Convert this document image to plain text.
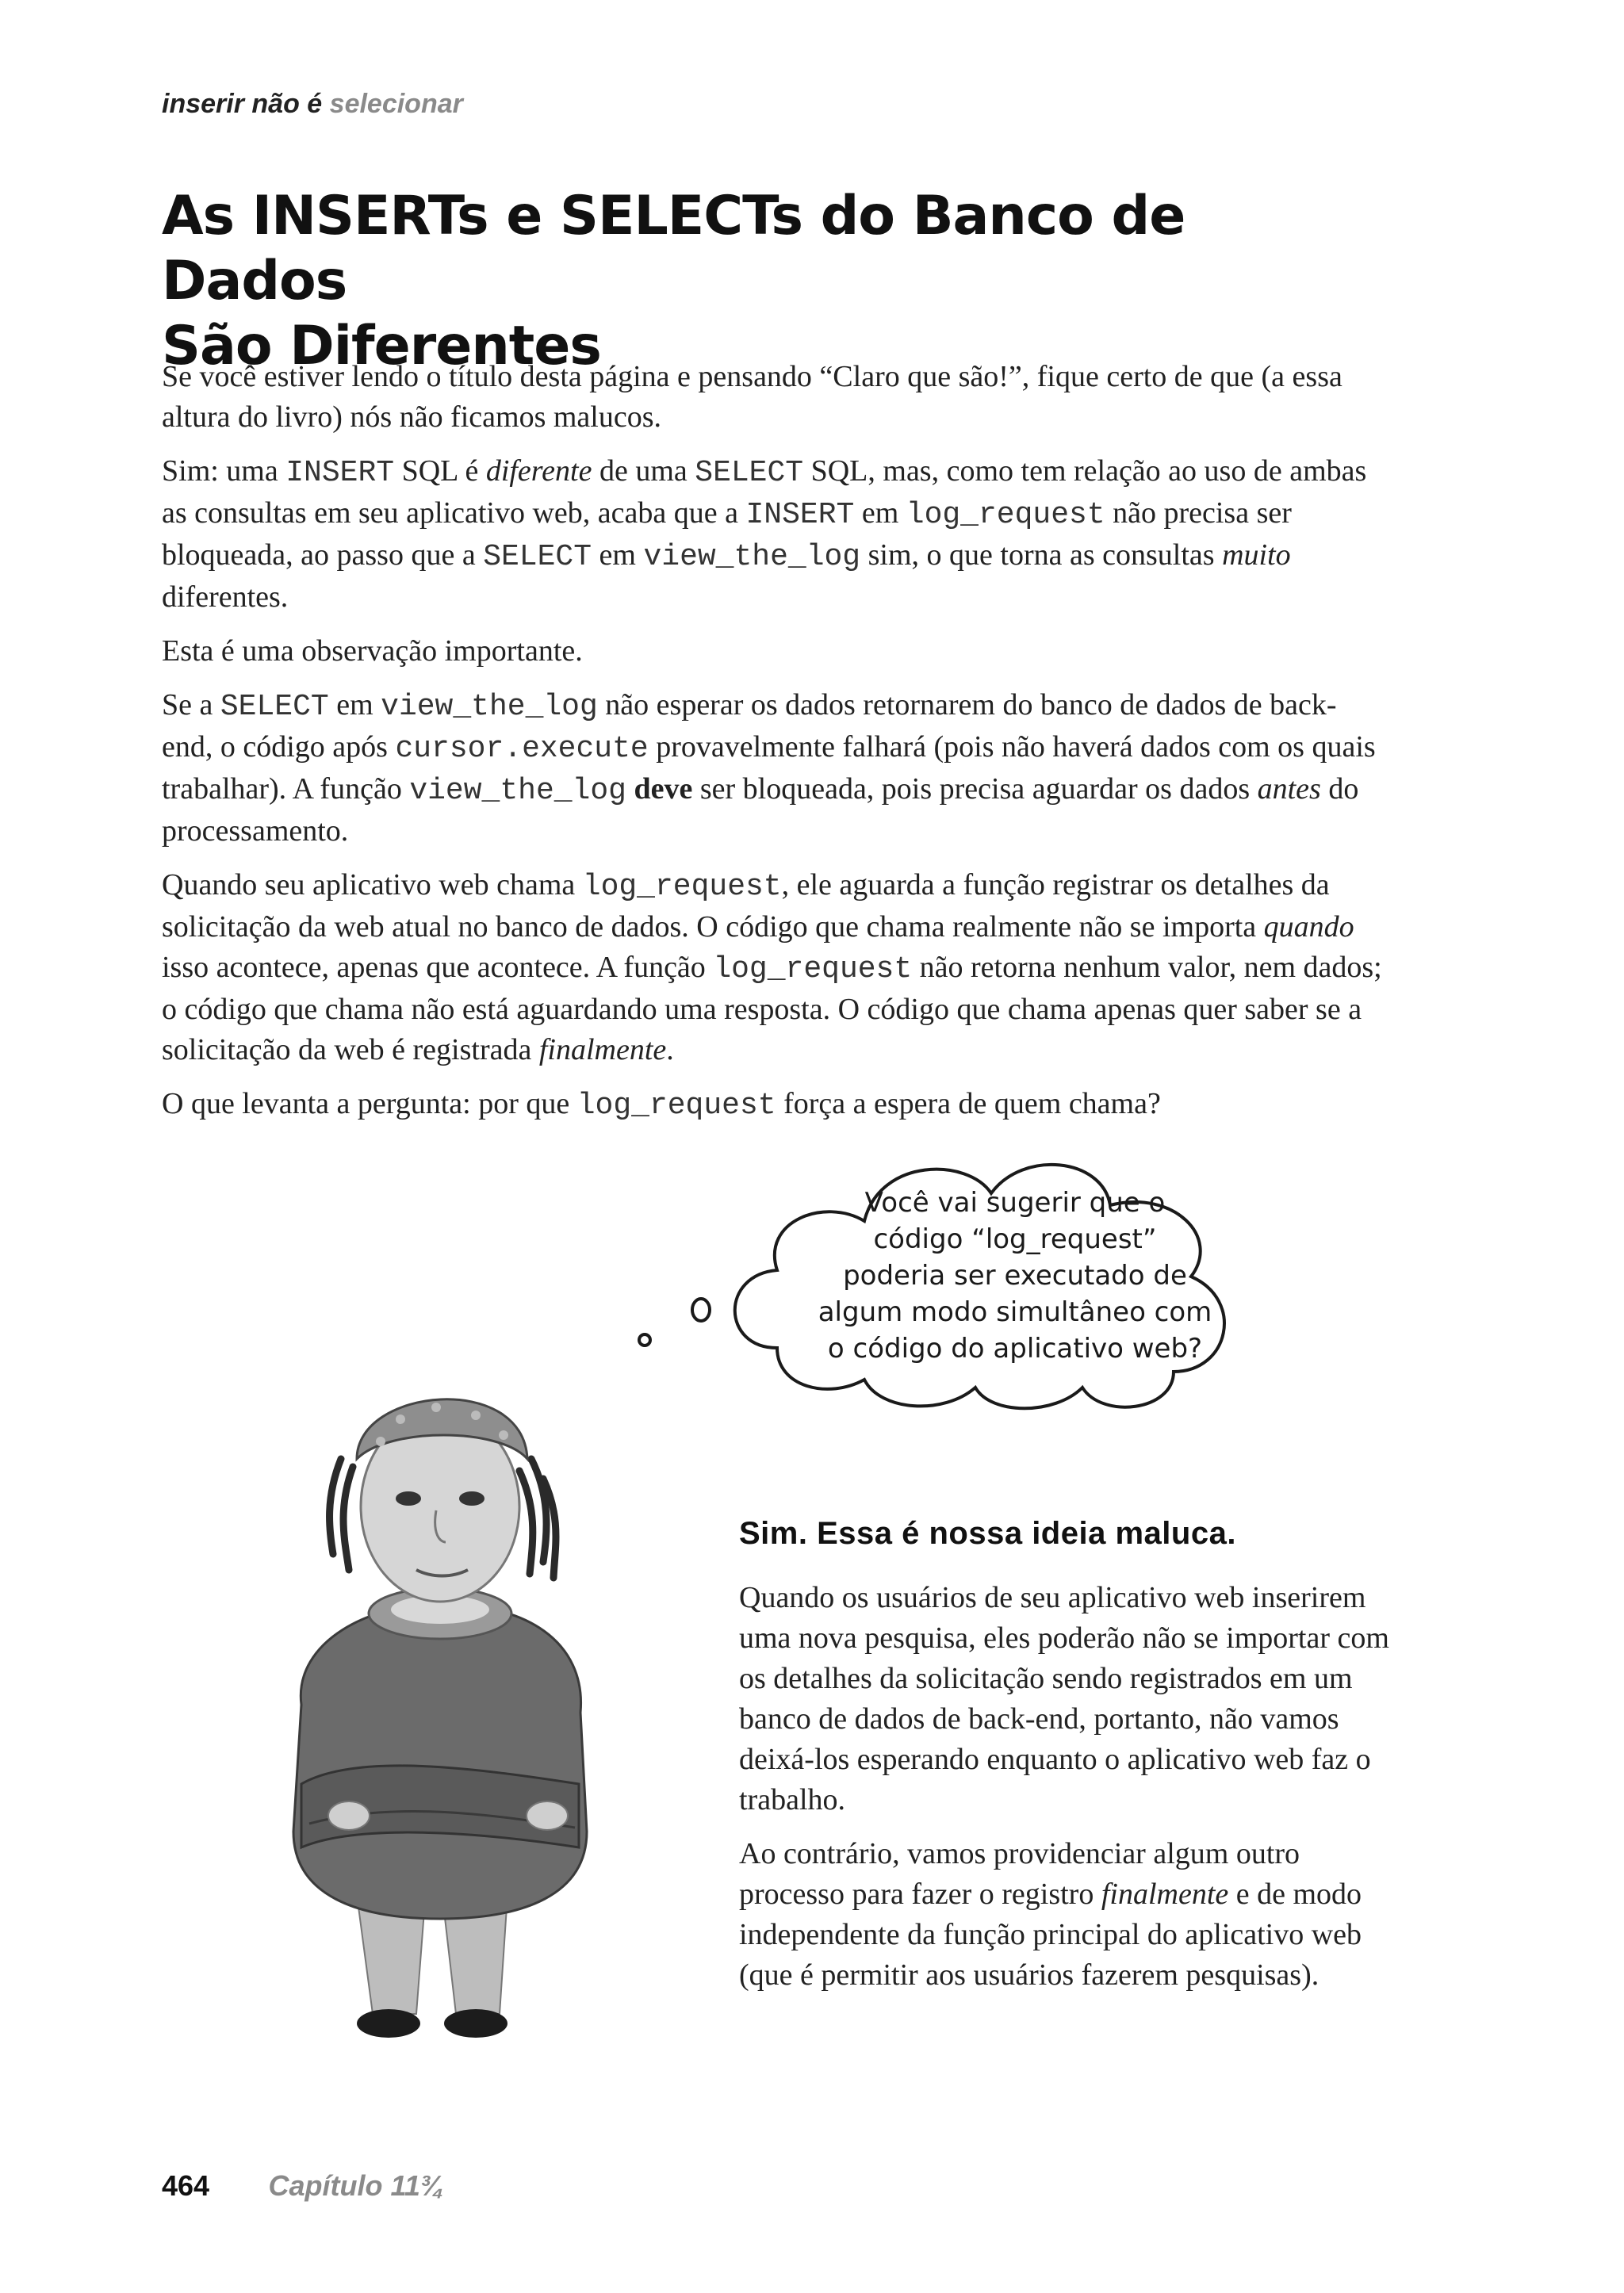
inserir não é selecionar
As INSERTs e SELECTs do Banco de Dados
São Diferentes

Se você estiver lendo o título desta página e pensando “Claro que são!”, fique certo de que (a essa altura do livro) nós não ficamos malucos.

Sim: uma INSERT SQL é diferente de uma SELECT SQL, mas, como tem relação ao uso de ambas as consultas em seu aplicativo web, acaba que a INSERT em log_request não precisa ser bloqueada, ao passo que a SELECT em view_the_log sim, o que torna as consultas muito diferentes.

Esta é uma observação importante.

Se a SELECT em view_the_log não esperar os dados retornarem do banco de dados de back-end, o código após cursor.execute provavelmente falhará (pois não haverá dados com os quais trabalhar). A função view_the_log deve ser bloqueada, pois precisa aguardar os dados antes do processamento.

Quando seu aplicativo web chama log_request, ele aguarda a função registrar os detalhes da solicitação da web atual no banco de dados. O código que chama realmente não se importa quando isso acontece, apenas que acontece. A função log_request não retorna nenhum valor, nem dados; o código que chama não está aguardando uma resposta. O código que chama apenas quer saber se a solicitação da web é registrada finalmente.

O que levanta a pergunta: por que log_request força a espera de quem chama?

Você vai sugerir que o
código “log_request”
poderia ser executado de
algum modo simultâneo com
o código do aplicativo web?
Sim. Essa é nossa ideia maluca.

Quando os usuários de seu aplicativo web inserirem uma nova pesquisa, eles poderão não se importar com os detalhes da solicitação sendo registrados em um banco de dados de back-end, portanto, não vamos deixá-los esperando enquanto o aplicativo web faz o trabalho.

Ao contrário, vamos providenciar algum outro processo para fazer o registro finalmente e de modo independente da função principal do aplicativo web (que é permitir aos usuários fazerem pesquisas).

464 Capítulo 11¾
